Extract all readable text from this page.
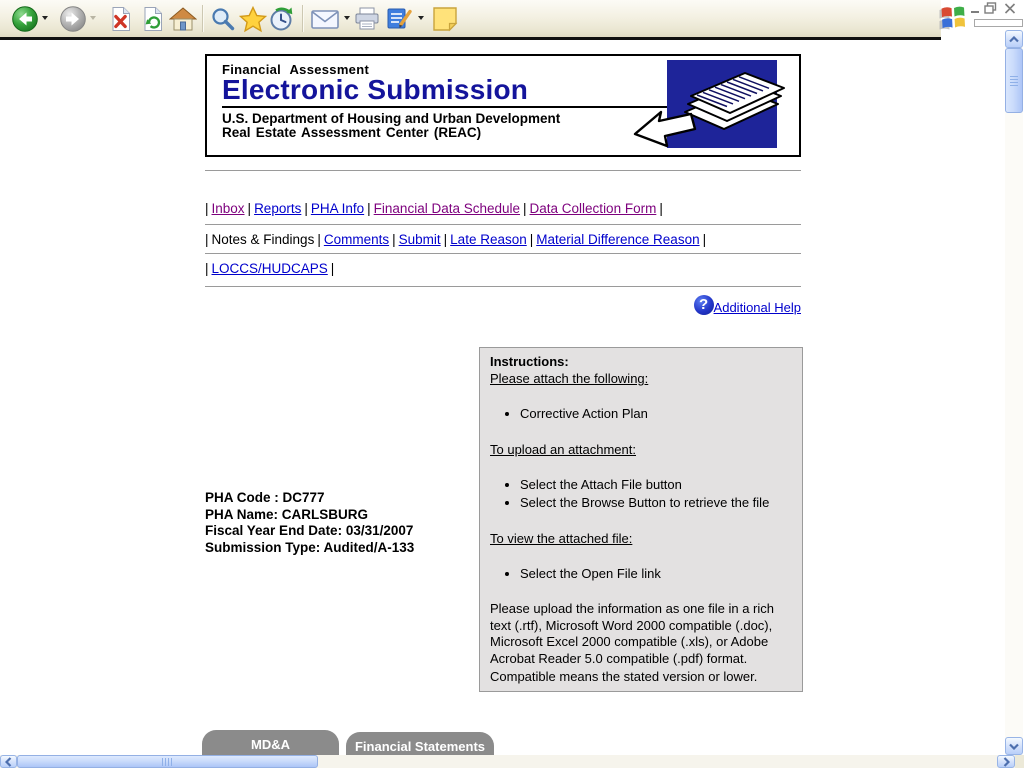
Financial Assessment
Electronic Submission
U.S. Department of Housing and Urban Development
Real Estate Assessment Center (REAC)
| Inbox | Reports | PHA Info | Financial Data Schedule | Data Collection Form |
| Notes & Findings | Comments | Submit | Late Reason | Material Difference Reason |
| LOCCS/HUDCAPS |
? Additional Help
PHA Code : DC777
PHA Name: CARLSBURG
Fiscal Year End Date: 03/31/2007
Submission Type: Audited/A-133
Instructions:
Please attach the following:
• Corrective Action Plan
To upload an attachment:
• Select the Attach File button
• Select the Browse Button to retrieve the file
To view the attached file:
• Select the Open File link

Please upload the information as one file in a rich text (.rtf), Microsoft Word 2000 compatible (.doc), Microsoft Excel 2000 compatible (.xls), or Adobe Acrobat Reader 5.0 compatible (.pdf) format.

Compatible means the stated version or lower.

MD&A	Financial Statements
